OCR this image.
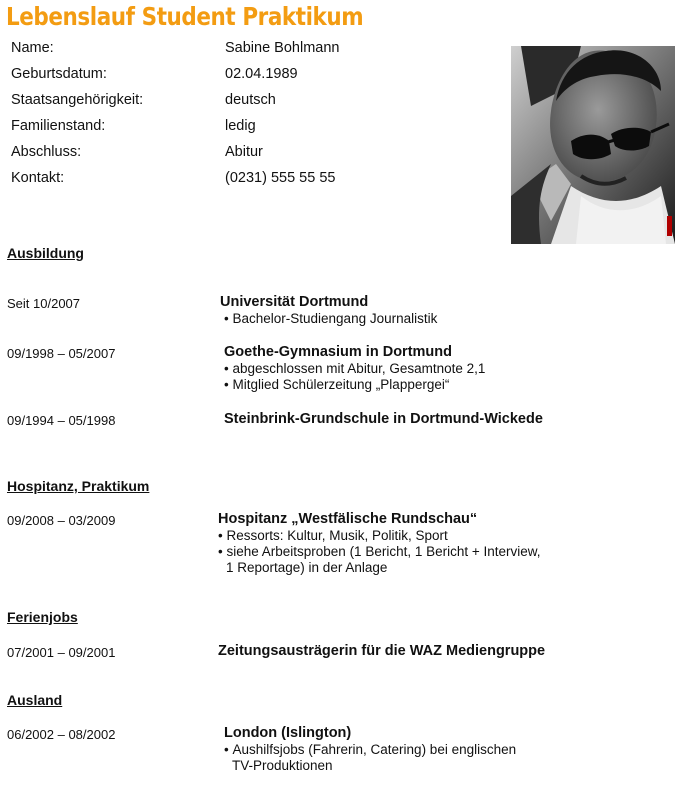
Lebenslauf Student Praktikum
Name:	Sabine Bohlmann
Geburtsdatum:	02.04.1989
Staatsangehörigkeit:	deutsch
Familienstand:	ledig
Abschluss:	Abitur
Kontakt:	(0231) 555 55 55
Ausbildung
Seit 10/2007	Universität Dortmund
• Bachelor-Studiengang Journalistik
09/1998 – 05/2007	Goethe-Gymnasium in Dortmund
• abgeschlossen mit Abitur, Gesamtnote 2,1
• Mitglied Schülerzeitung „Plappergei“
09/1994 – 05/1998	Steinbrink-Grundschule in Dortmund-Wickede
Hospitanz, Praktikum
09/2008 – 03/2009	Hospitanz „Westfälische Rundschau“
• Ressorts: Kultur, Musik, Politik, Sport
• siehe Arbeitsproben (1 Bericht, 1 Bericht + Interview,
1 Reportage) in der Anlage
Ferienjobs
07/2001 – 09/2001	Zeitungsausträgerin für die WAZ Mediengruppe
Ausland
06/2002 – 08/2002	London (Islington)
• Aushilfsjobs (Fahrerin, Catering) bei englischen
TV-Produktionen
